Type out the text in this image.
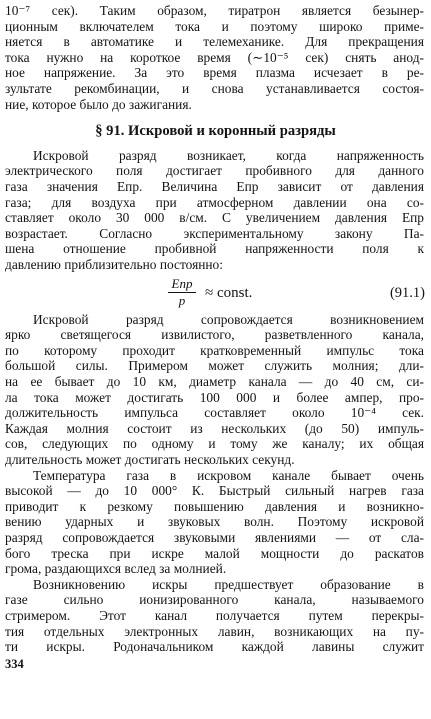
§ 91. Искровой и коронный разряды
Eпр
p	≈ const.	(91.1)
334
10⁻⁷ сек). Таким образом, тиратрон является безынер-
ционным включателем тока и поэтому широко приме-
няется в автоматике и телемеханике. Для прекращения
тока нужно на короткое время (∼10⁻⁵ сек) снять анод-
ное напряжение. За это время плазма исчезает в ре-
зультате рекомбинации, и снова устанавливается состоя-
ние, которое было до зажигания.
Искровой разряд возникает, когда напряженность
электрического поля достигает пробивного для данного
газа значения Eпр. Величина Eпр зависит от давления
газа; для воздуха при атмосферном давлении она со-
ставляет около 30 000 в/см. С увеличением давления Eпр
возрастает. Согласно экспериментальному закону Па-
шена отношение пробивной напряженности поля к
давлению приблизительно постоянно:
Искровой разряд сопровождается возникновением
ярко светящегося извилистого, разветвленного канала,
по которому проходит кратковременный импульс тока
большой силы. Примером может служить молния; дли-
на ее бывает до 10 км, диаметр канала — до 40 см, си-
ла тока может достигать 100 000 и более ампер, про-
должительность импульса составляет около 10⁻⁴ сек.
Каждая молния состоит из нескольких (до 50) импуль-
сов, следующих по одному и тому же каналу; их общая
длительность может достигать нескольких секунд.
Температура газа в искровом канале бывает очень
высокой — до 10 000° К. Быстрый сильный нагрев газа
приводит к резкому повышению давления и возникно-
вению ударных и звуковых волн. Поэтому искровой
разряд сопровождается звуковыми явлениями — от сла-
бого треска при искре малой мощности до раскатов
грома, раздающихся вслед за молнией.
Возникновению искры предшествует образование в
газе сильно ионизированного канала, называемого
стримером. Этот канал получается путем перекры-
тия отдельных электронных лавин, возникающих на пу-
ти искры. Родоначальником каждой лавины служит
